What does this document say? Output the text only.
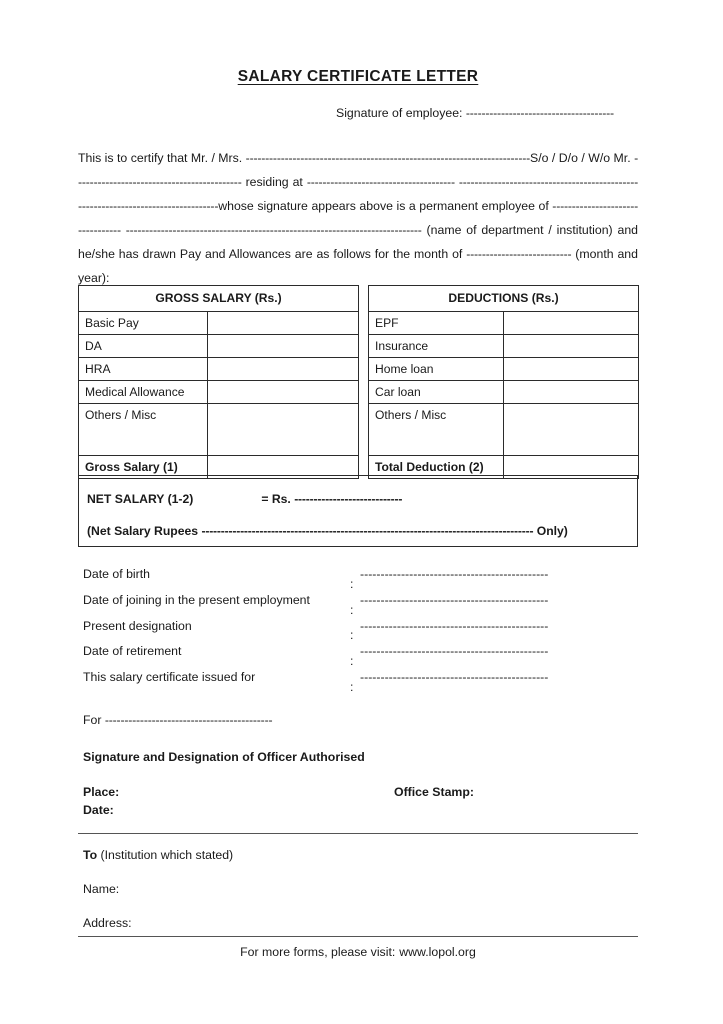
SALARY CERTIFICATE LETTER
Signature of employee: --------------------------------------
This is to certify that Mr. / Mrs. -------------------------------------------------------------------------S/o / D/o / W/o Mr. ------------------------------------------- residing at -------------------------------------- ----------------------------------------------------------------------------------whose signature appears above is a permanent employee of --------------------------------- ---------------------------------------------------------------------------- (name of department / institution) and he/she has drawn Pay and Allowances are as follows for the month of --------------------------- (month and year):
GROSS SALARY (Rs.)	
Basic Pay	
DA	
HRA	
Medical Allowance	
Others / Misc	
Gross Salary (1)	
DEDUCTIONS (Rs.)	
EPF	
Insurance	
Home loan	
Car loan	
Others / Misc	
Total Deduction (2)	
NET SALARY (1-2)	= Rs. ----------------------------
(Net Salary Rupees -------------------------------------------------------------------------------------- Only)
Date of birth:----------------------------------------------
Date of joining in the present employment:----------------------------------------------
Present designation:----------------------------------------------
Date of retirement:----------------------------------------------
This salary certificate issued for:----------------------------------------------
For -------------------------------------------
Signature and Designation of Officer Authorised
Place:
Date:
Office Stamp:
To (Institution which stated)
Name:
Address:
For more forms, please visit: www.lopol.org
